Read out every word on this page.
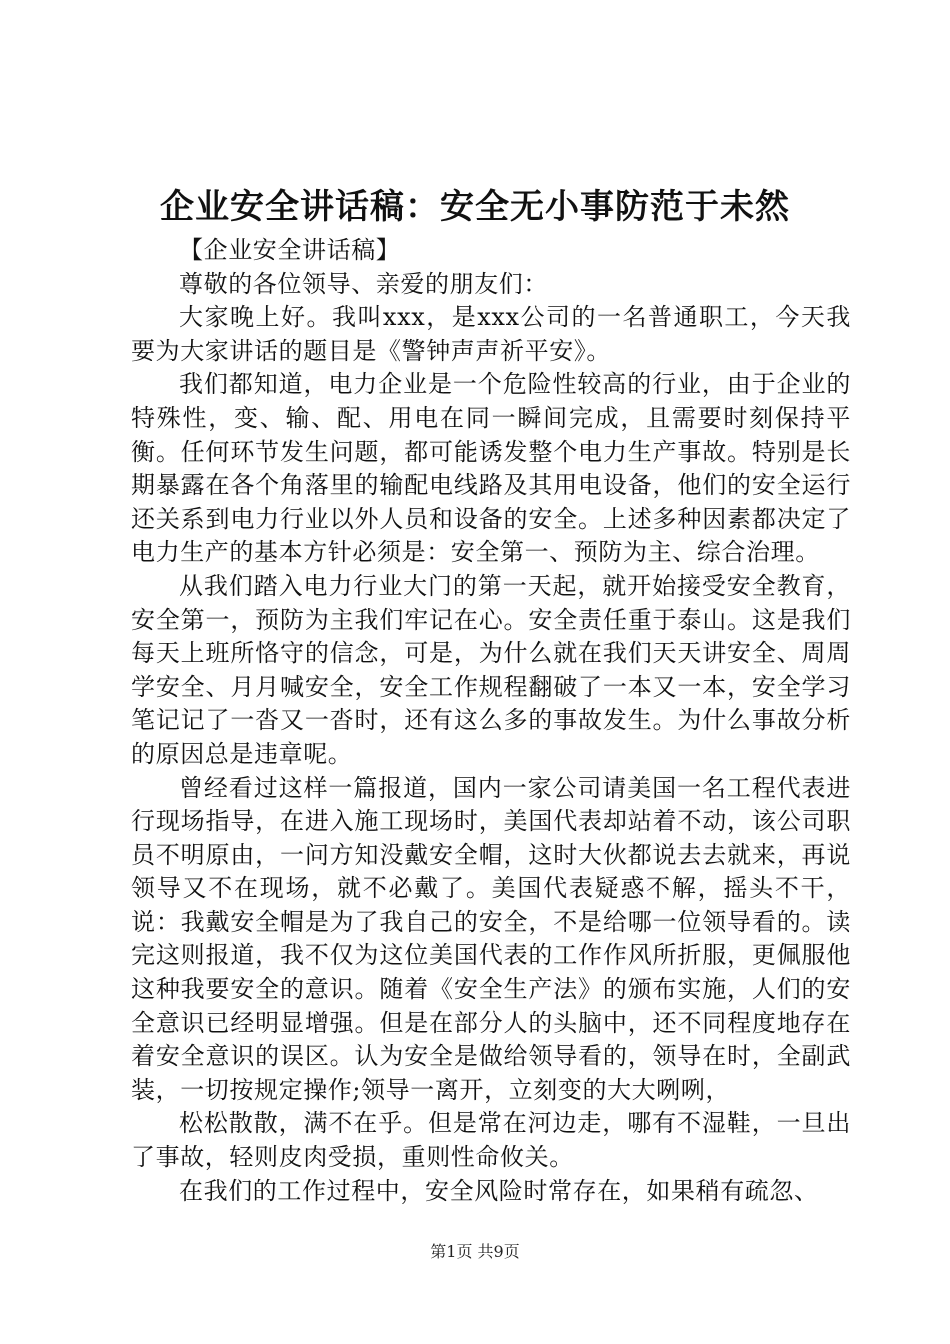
企业安全讲话稿：安全无小事防范于未然

【企业安全讲话稿】

尊敬的各位领导、亲爱的朋友们：

大家晚上好。我叫xxx，是xxx公司的一名普通职工，今天我要为大家讲话的题目是《警钟声声祈平安》。

我们都知道，电力企业是一个危险性较高的行业，由于企业的特殊性，变、输、配、用电在同一瞬间完成，且需要时刻保持平衡。任何环节发生问题，都可能诱发整个电力生产事故。特别是长期暴露在各个角落里的输配电线路及其用电设备，他们的安全运行还关系到电力行业以外人员和设备的安全。上述多种因素都决定了电力生产的基本方针必须是：安全第一、预防为主、综合治理。

从我们踏入电力行业大门的第一天起，就开始接受安全教育，安全第一，预防为主我们牢记在心。安全责任重于泰山。这是我们每天上班所恪守的信念，可是，为什么就在我们天天讲安全、周周学安全、月月喊安全，安全工作规程翻破了一本又一本，安全学习笔记记了一沓又一沓时，还有这么多的事故发生。为什么事故分析的原因总是违章呢。

曾经看过这样一篇报道，国内一家公司请美国一名工程代表进行现场指导，在进入施工现场时，美国代表却站着不动，该公司职员不明原由，一问方知没戴安全帽，这时大伙都说去去就来，再说领导又不在现场，就不必戴了。美国代表疑惑不解，摇头不干，说：我戴安全帽是为了我自己的安全，不是给哪一位领导看的。读完这则报道，我不仅为这位美国代表的工作作风所折服，更佩服他这种我要安全的意识。随着《安全生产法》的颁布实施，人们的安全意识已经明显增强。但是在部分人的头脑中，还不同程度地存在着安全意识的误区。认为安全是做给领导看的，领导在时，全副武装，一切按规定操作;领导一离开，立刻变的大大咧咧，

松松散散，满不在乎。但是常在河边走，哪有不湿鞋，一旦出了事故，轻则皮肉受损，重则性命攸关。

在我们的工作过程中，安全风险时常存在，如果稍有疏忽、

第1页 共9页
